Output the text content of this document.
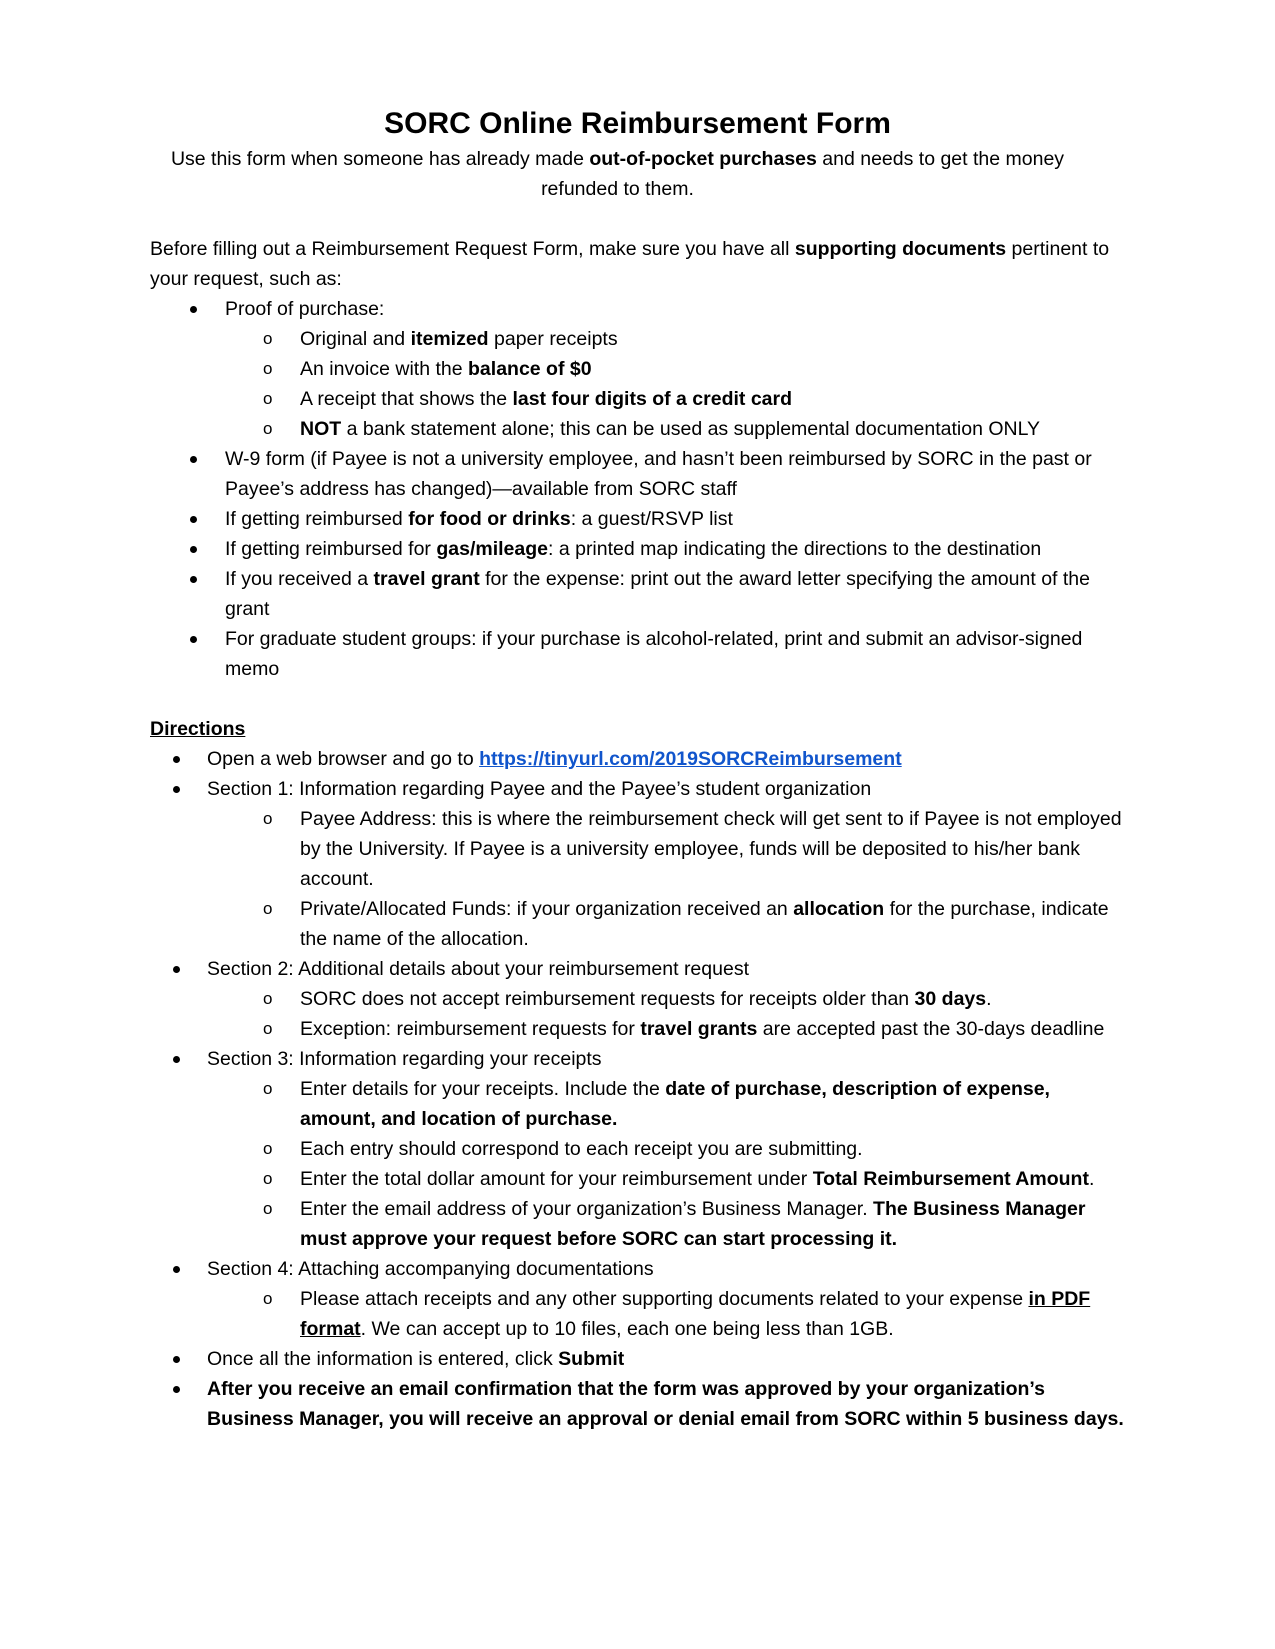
SORC Online Reimbursement Form
Use this form when someone has already made out-of-pocket purchases and needs to get the money refunded to them.
Before filling out a Reimbursement Request Form, make sure you have all supporting documents pertinent to your request, such as:
Proof of purchase:
o Original and itemized paper receipts
o An invoice with the balance of $0
o A receipt that shows the last four digits of a credit card
o NOT a bank statement alone; this can be used as supplemental documentation ONLY
W-9 form (if Payee is not a university employee, and hasn’t been reimbursed by SORC in the past or Payee’s address has changed)—available from SORC staff
If getting reimbursed for food or drinks: a guest/RSVP list
If getting reimbursed for gas/mileage: a printed map indicating the directions to the destination
If you received a travel grant for the expense: print out the award letter specifying the amount of the grant
For graduate student groups: if your purchase is alcohol-related, print and submit an advisor-signed memo
Directions
Open a web browser and go to https://tinyurl.com/2019SORCReimbursement
Section 1: Information regarding Payee and the Payee’s student organization
o Payee Address: this is where the reimbursement check will get sent to if Payee is not employed by the University. If Payee is a university employee, funds will be deposited to his/her bank account.
o Private/Allocated Funds: if your organization received an allocation for the purchase, indicate the name of the allocation.
Section 2: Additional details about your reimbursement request
o SORC does not accept reimbursement requests for receipts older than 30 days.
o Exception: reimbursement requests for travel grants are accepted past the 30-days deadline
Section 3: Information regarding your receipts
o Enter details for your receipts. Include the date of purchase, description of expense, amount, and location of purchase.
o Each entry should correspond to each receipt you are submitting.
o Enter the total dollar amount for your reimbursement under Total Reimbursement Amount.
o Enter the email address of your organization’s Business Manager. The Business Manager must approve your request before SORC can start processing it.
Section 4: Attaching accompanying documentations
o Please attach receipts and any other supporting documents related to your expense in PDF format. We can accept up to 10 files, each one being less than 1GB.
Once all the information is entered, click Submit
After you receive an email confirmation that the form was approved by your organization’s Business Manager, you will receive an approval or denial email from SORC within 5 business days.
